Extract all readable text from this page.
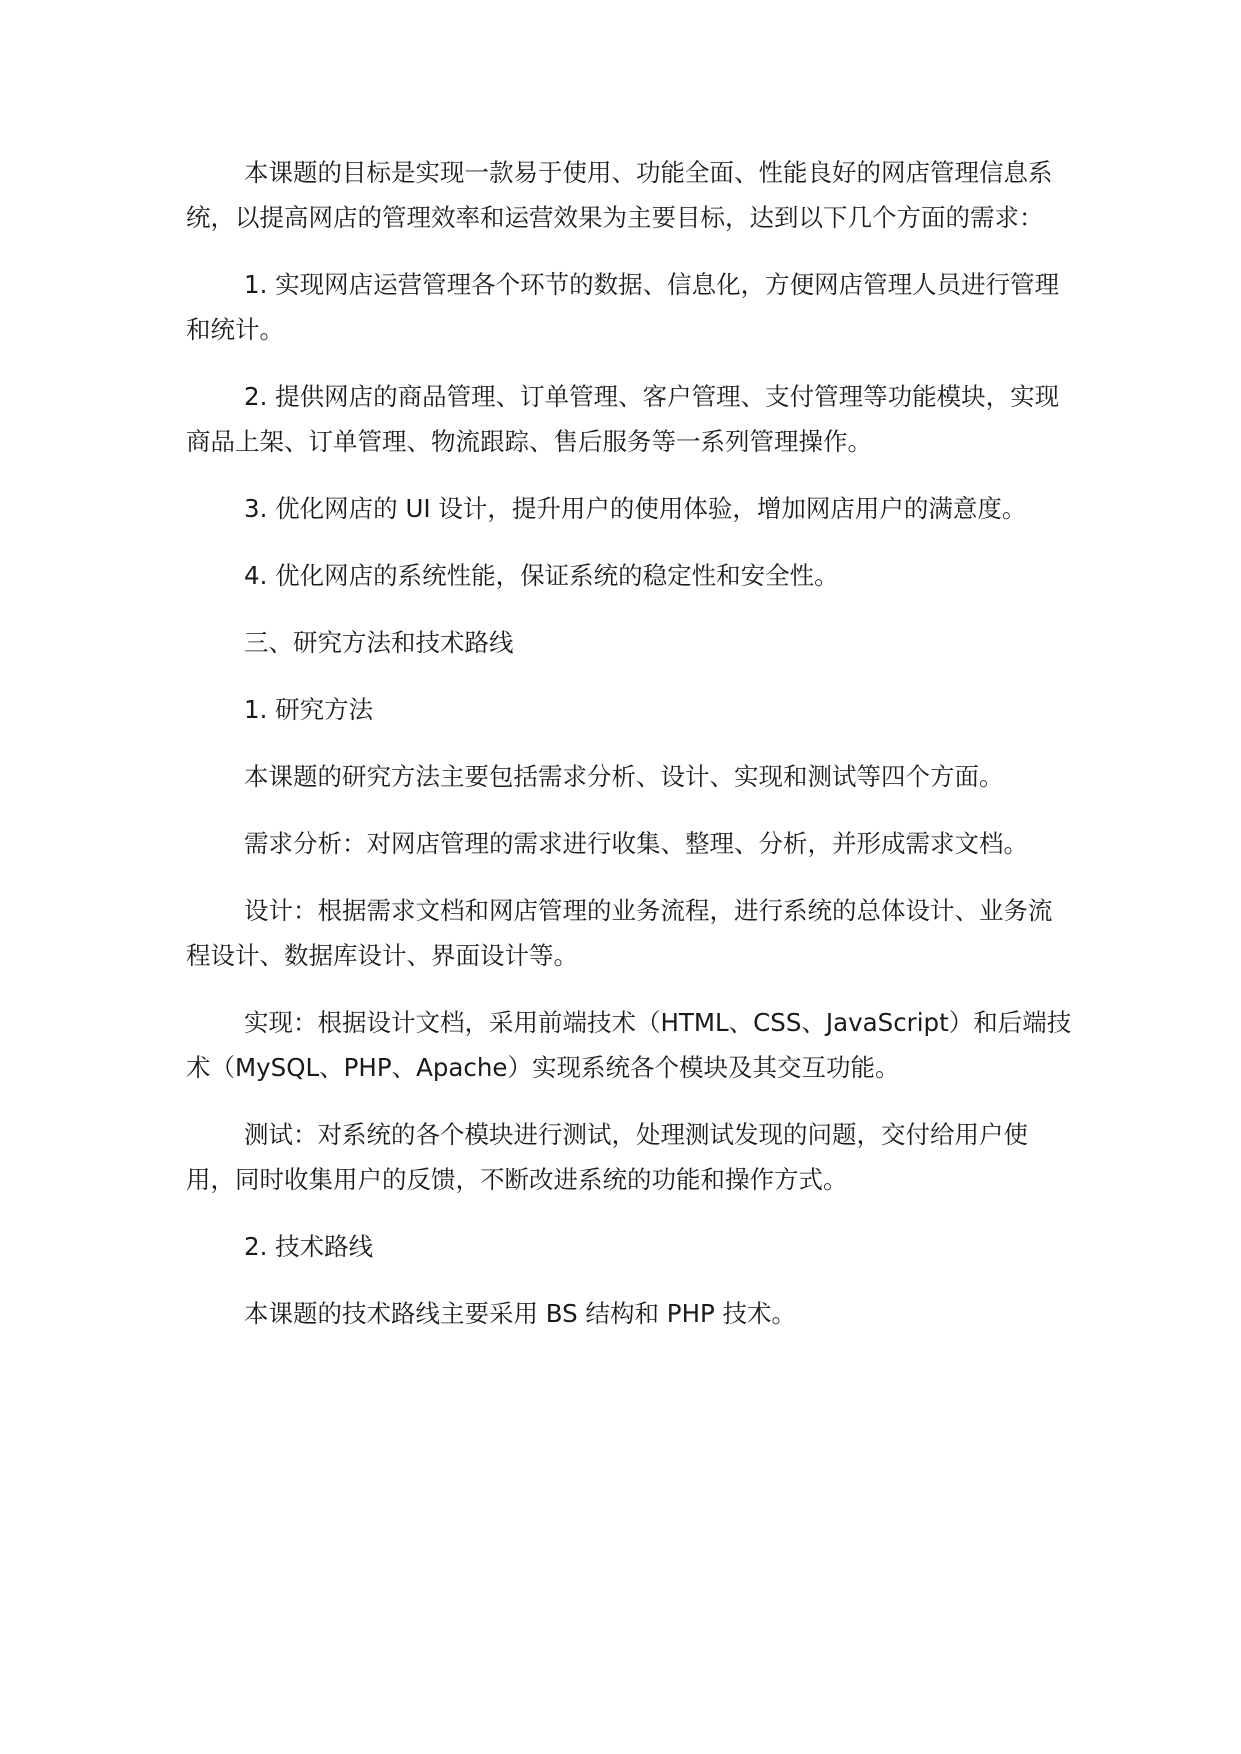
本课题的目标是实现一款易于使用、功能全面、性能良好的网店管理信息系统，以提高网店的管理效率和运营效果为主要目标，达到以下几个方面的需求：

1. 实现网店运营管理各个环节的数据、信息化，方便网店管理人员进行管理和统计。

2. 提供网店的商品管理、订单管理、客户管理、支付管理等功能模块，实现商品上架、订单管理、物流跟踪、售后服务等一系列管理操作。

3. 优化网店的 UI 设计，提升用户的使用体验，增加网店用户的满意度。

4. 优化网店的系统性能，保证系统的稳定性和安全性。

三、研究方法和技术路线

1. 研究方法

本课题的研究方法主要包括需求分析、设计、实现和测试等四个方面。

需求分析：对网店管理的需求进行收集、整理、分析，并形成需求文档。

设计：根据需求文档和网店管理的业务流程，进行系统的总体设计、业务流程设计、数据库设计、界面设计等。

实现：根据设计文档，采用前端技术（HTML、CSS、JavaScript）和后端技术（MySQL、PHP、Apache）实现系统各个模块及其交互功能。

测试：对系统的各个模块进行测试，处理测试发现的问题，交付给用户使用，同时收集用户的反馈，不断改进系统的功能和操作方式。

2. 技术路线

本课题的技术路线主要采用 BS 结构和 PHP 技术。
